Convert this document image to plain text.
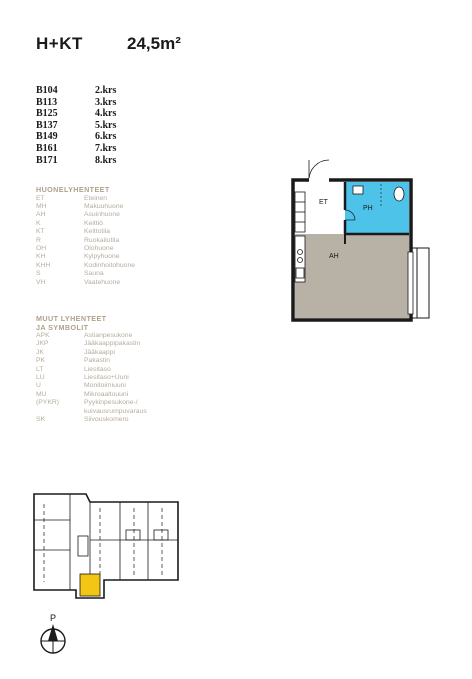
H+KT	24,5m²
B104	2.krs
B113	3.krs
B125	4.krs
B137	5.krs
B149	6.krs
B161	7.krs
B171	8.krs
HUONELYHENTEET
ET	Eteinen
MH	Makuuhuone
AH	Asuinhuone
K	Keittiö
KT	Keittotila
R	Ruokailutila
OH	Olohuone
KH	Kylpyhuone
KHH	Kodinhoitohuone
S	Sauna
VH	Vaatehuone
MUUT LYHENTEET
JA SYMBOLIT
APK	Astianpesukone
JKP	Jääkaappipakastin
JK	Jääkaappi
PK	Pakastin
LT	Liesitaso
LU	Liesitaso+Uuni
U	Monitoimiuuni
MU	Mikroaaltouuni
(PYKR)	Pyykinpesukone-/
kuivausrumpuvaraus
SK	Siivouskomero
ET
PH
AH
P
